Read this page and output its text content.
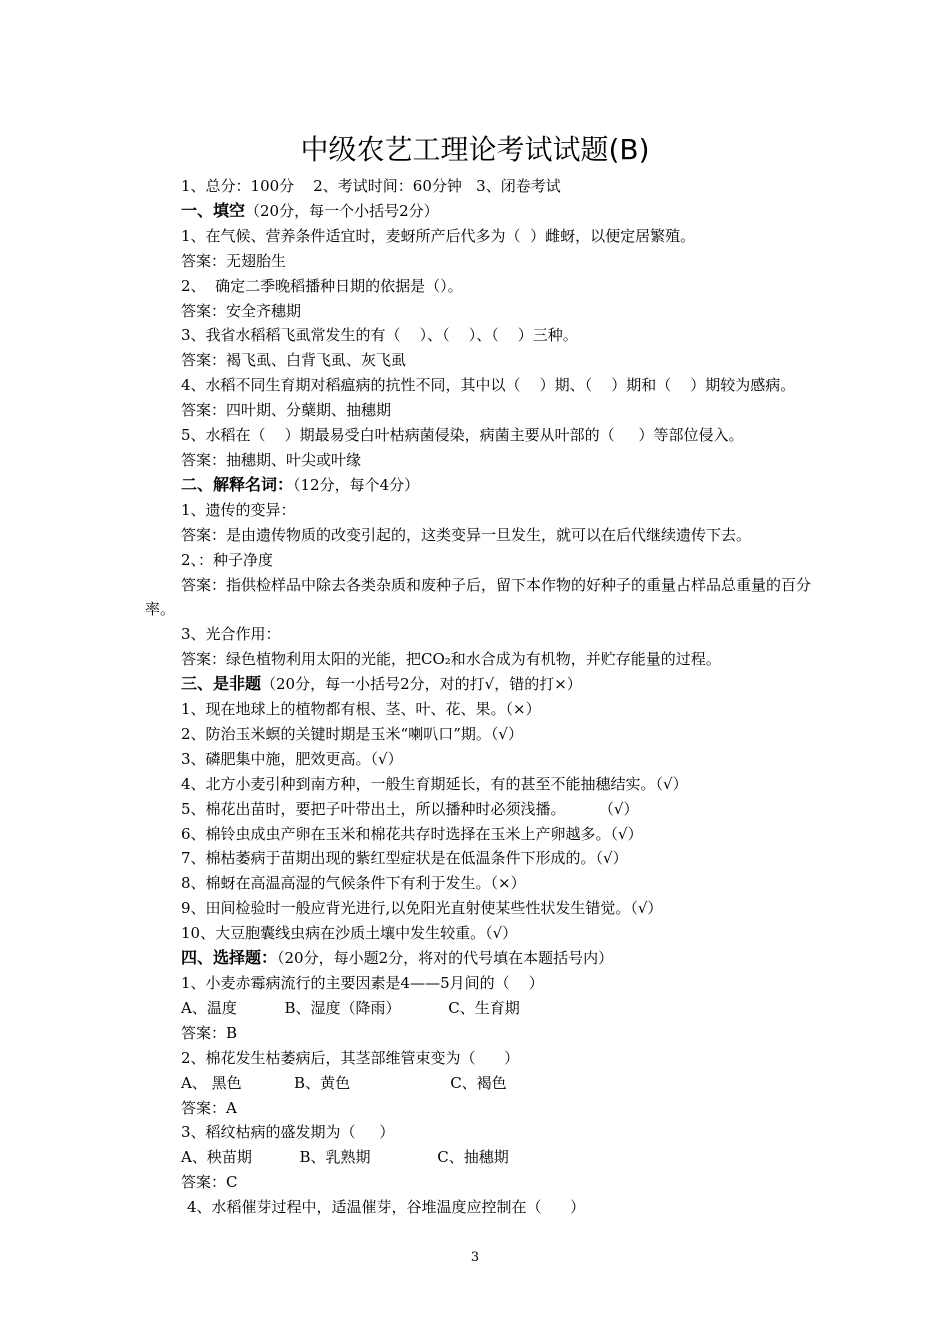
中级农艺工理论考试试题(B)
1、总分：100分    2、考试时间：60分钟   3、闭卷考试
一、填空（20分，每一个小括号2分）
1、在气候、营养条件适宜时，麦蚜所产后代多为（  ）雌蚜，以便定居繁殖。
答案：无翅胎生
2、  确定二季晚稻播种日期的依据是（）。
答案：安全齐穗期
3、我省水稻稻飞虱常发生的有（    ）、（    ）、（    ）三种。
答案：褐飞虱、白背飞虱、灰飞虱
4、水稻不同生育期对稻瘟病的抗性不同，其中以（    ）期、（    ）期和（    ）期较为感病。
答案：四叶期、分蘖期、抽穗期
5、水稻在（    ）期最易受白叶枯病菌侵染，病菌主要从叶部的（     ）等部位侵入。
答案：抽穗期、叶尖或叶缘
二、解释名词：（12分，每个4分）
1、遗传的变异：
答案：是由遗传物质的改变引起的，这类变异一旦发生，就可以在后代继续遗传下去。
2、：种子净度
答案：指供检样品中除去各类杂质和废种子后，留下本作物的好种子的重量占样品总重量的百分率。
3、光合作用：
答案：绿色植物利用太阳的光能，把CO₂和水合成为有机物，并贮存能量的过程。
三、是非题（20分，每一小括号2分，对的打√，错的打×）
1、现在地球上的植物都有根、茎、叶、花、果。（×）
2、防治玉米螟的关键时期是玉米“喇叭口”期。（√）
3、磷肥集中施，肥效更高。（√）
4、北方小麦引种到南方种，一般生育期延长，有的甚至不能抽穗结实。（√）
5、棉花出苗时，要把子叶带出土，所以播种时必须浅播。       （√）
6、棉铃虫成虫产卵在玉米和棉花共存时选择在玉米上产卵越多。（√）
7、棉枯萎病于苗期出现的紫红型症状是在低温条件下形成的。（√）
8、棉蚜在高温高湿的气候条件下有利于发生。（×）
9、田间检验时一般应背光进行,以免阳光直射使某些性状发生错觉。（√）
10、大豆胞囊线虫病在沙质土壤中发生较重。（√）
四、选择题：（20分，每小题2分，将对的代号填在本题括号内）
1、小麦赤霉病流行的主要因素是4——5月间的（    ）
A、温度          B、湿度（降雨）          C、生育期
答案：B
2、棉花发生枯萎病后，其茎部维管束变为（      ）
A、 黑色           B、黄色                     C、褐色
答案：A
3、稻纹枯病的盛发期为（     ）
A、秧苗期          B、乳熟期              C、抽穗期
答案：C
4、水稻催芽过程中，适温催芽，谷堆温度应控制在（      ）
3
